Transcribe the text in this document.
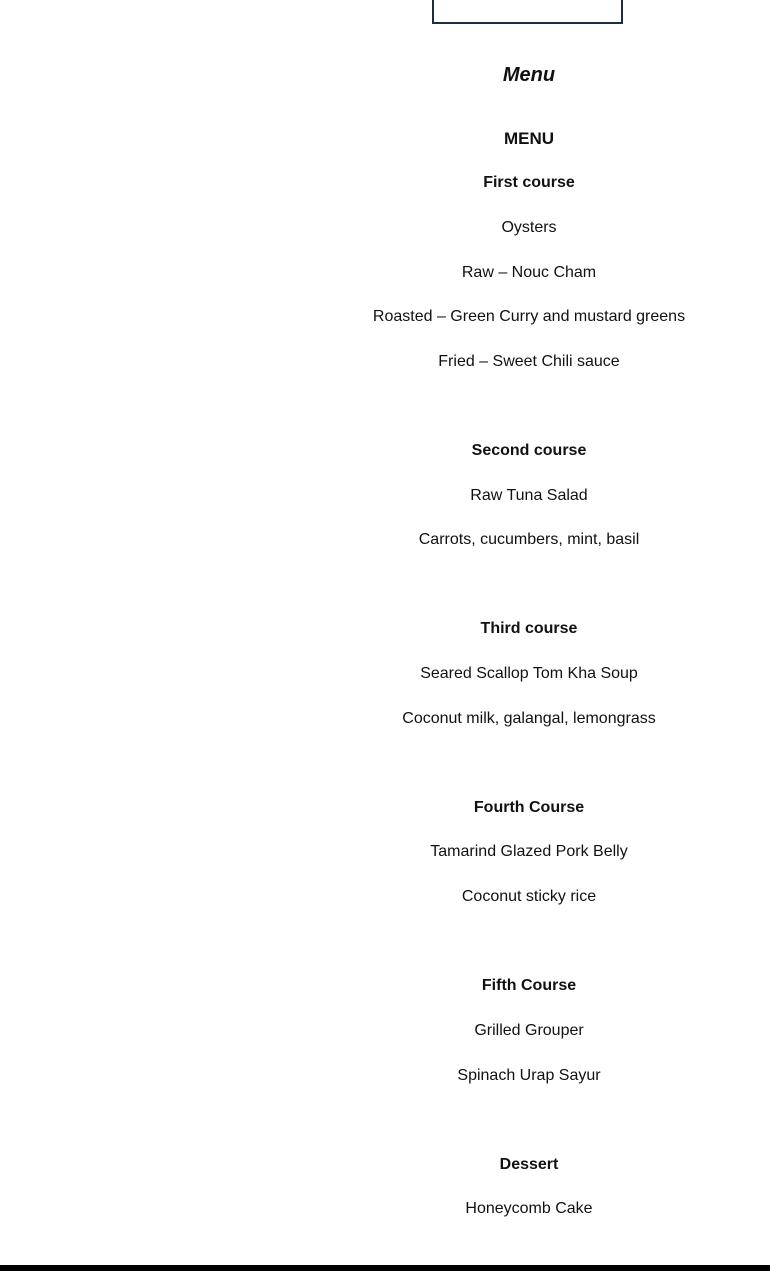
Menu
MENU
First course
Oysters
Raw – Nouc Cham
Roasted – Green Curry and mustard greens
Fried – Sweet Chili sauce
Second course
Raw Tuna Salad
Carrots, cucumbers, mint, basil
Third course
Seared Scallop Tom Kha Soup
Coconut milk, galangal, lemongrass
Fourth Course
Tamarind Glazed Pork Belly
Coconut sticky rice
Fifth Course
Grilled Grouper
Spinach Urap Sayur
Dessert
Honeycomb Cake
